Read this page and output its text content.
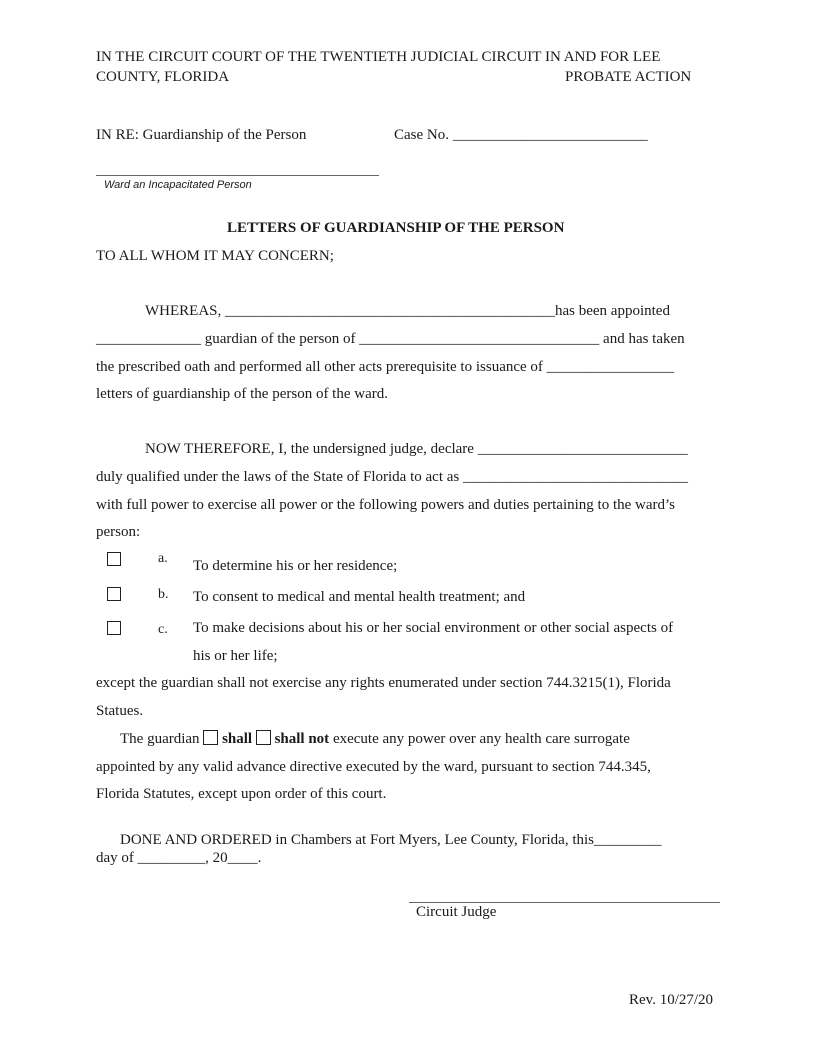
IN THE CIRCUIT COURT OF THE TWENTIETH JUDICIAL CIRCUIT IN AND FOR LEE
COUNTY, FLORIDA	PROBATE ACTION
IN RE: Guardianship of the Person	Case No. __________________________
Ward an Incapacitated Person
LETTERS OF GUARDIANSHIP OF THE PERSON
TO ALL WHOM IT MAY CONCERN;
WHEREAS, ____________________________________________has been appointed
______________ guardian of the person of ________________________________ and has taken
the prescribed oath and performed all other acts prerequisite to issuance of _________________
letters of guardianship of the person of the ward.
NOW THEREFORE, I, the undersigned judge, declare ____________________________
duly qualified under the laws of the State of Florida to act as ______________________________
with full power to exercise all power or the following powers and duties pertaining to the ward’s
person:
a. To determine his or her residence;
b. To consent to medical and mental health treatment; and
c. To make decisions about his or her social environment or other social aspects of
his or her life;
except the guardian shall not exercise any rights enumerated under section 744.3215(1), Florida
Statues.
The guardian shall shall not execute any power over any health care surrogate
appointed by any valid advance directive executed by the ward, pursuant to section 744.345,
Florida Statutes, except upon order of this court.
DONE AND ORDERED in Chambers at Fort Myers, Lee County, Florida, this_________
day of _________, 20____.
Circuit Judge
Rev. 10/27/20
